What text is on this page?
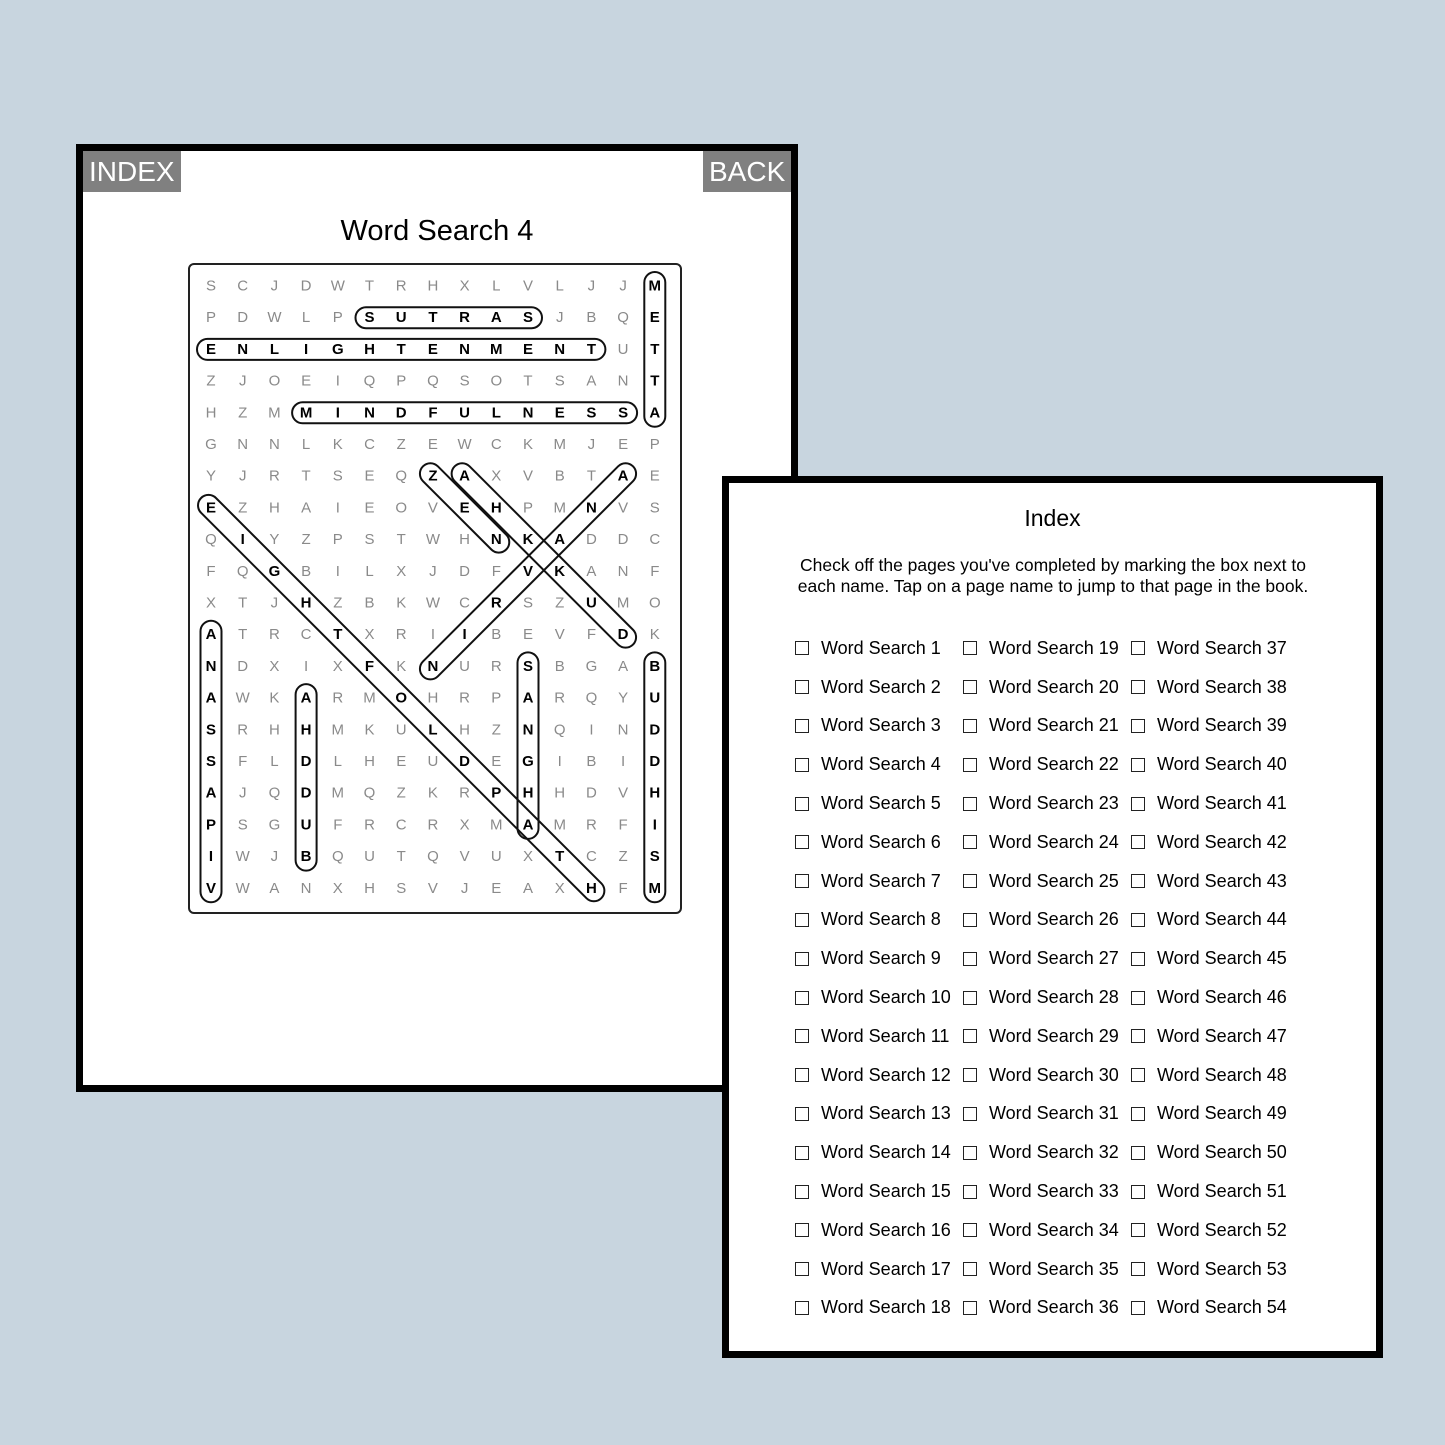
INDEX	BACK
Word Search 4
S C J D W T R H X L V L J J M
P D W L P S U T R A S J B Q E
E N L I G H T E N M E N T U T
Z J O E I Q P Q S O T S A N T
H Z M M I N D F U L N E S S A
G N N L K C Z E W C K M J E P
Y J R T S E Q Z A X V B T A E
E Z H A I E O V E H P M N V S
Q I Y Z P S T W H N K A D D C
F Q G B I L X J D F V K A N F
X T J H Z B K W C R S Z U M O
A T R C T X R I I B E V F D K
N D X I X F K N U R S B G A B
A W K A R M O H R P A R Q Y U
S R H H M K U L H Z N Q I N D
S F L D L H E U D E G I B I D
A J Q D M Q Z K R P H H D V H
P S G U F R C R X M A M R F I
I W J B Q U T Q V U X T C Z S
V W A N X H S V J E A X H F M
Index
Check off the pages you've completed by marking the box next to each name. Tap on a page name to jump to that page in the book.
Word Search 1	Word Search 19 Word Search 37
Word Search 2	Word Search 20 Word Search 38
Word Search 3	Word Search 21 Word Search 39
Word Search 4	Word Search 22 Word Search 40
Word Search 5	Word Search 23 Word Search 41
Word Search 6	Word Search 24 Word Search 42
Word Search 7	Word Search 25 Word Search 43
Word Search 8	Word Search 26 Word Search 44
Word Search 9	Word Search 27 Word Search 45
Word Search 10 Word Search 28 Word Search 46
Word Search 11 Word Search 29 Word Search 47
Word Search 12 Word Search 30 Word Search 48
Word Search 13 Word Search 31 Word Search 49
Word Search 14 Word Search 32 Word Search 50
Word Search 15 Word Search 33 Word Search 51
Word Search 16 Word Search 34 Word Search 52
Word Search 17 Word Search 35 Word Search 53
Word Search 18 Word Search 36 Word Search 54
